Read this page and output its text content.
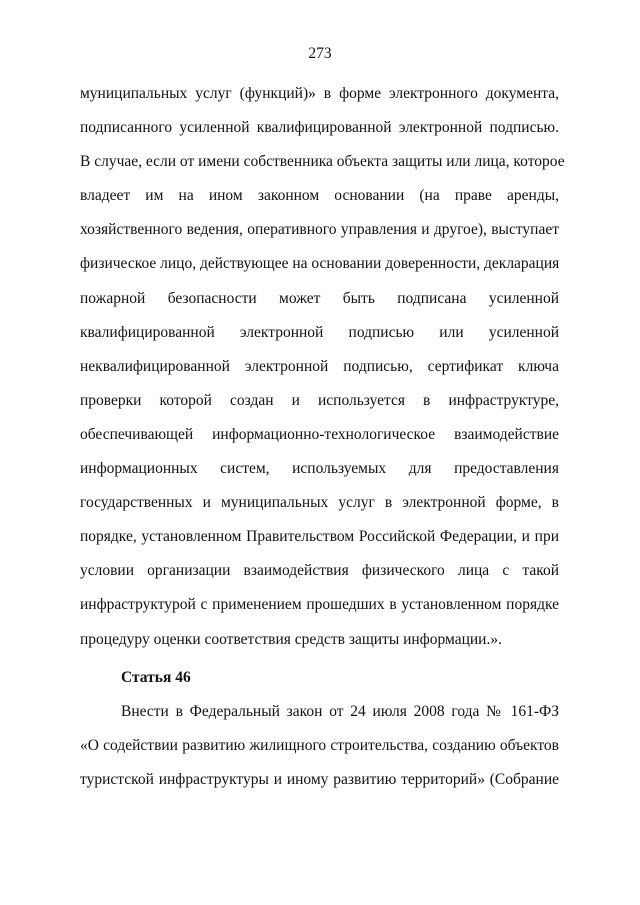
273
муниципальных услуг (функций)» в форме электронного документа,
подписанного усиленной квалифицированной электронной подписью.
В случае, если от имени собственника объекта защиты или лица, которое
владеет им на ином законном основании (на праве аренды,
хозяйственного ведения, оперативного управления и другое), выступает
физическое лицо, действующее на основании доверенности, декларация
пожарной безопасности может быть подписана усиленной
квалифицированной электронной подписью или усиленной
неквалифицированной электронной подписью, сертификат ключа
проверки которой создан и используется в инфраструктуре,
обеспечивающей информационно-технологическое взаимодействие
информационных систем, используемых для предоставления
государственных и муниципальных услуг в электронной форме, в
порядке, установленном Правительством Российской Федерации, и при
условии организации взаимодействия физического лица с такой
инфраструктурой с применением прошедших в установленном порядке
процедуру оценки соответствия средств защиты информации.».
Статья 46
Внести в Федеральный закон от 24 июля 2008 года № 161-ФЗ
«О содействии развитию жилищного строительства, созданию объектов
туристской инфраструктуры и иному развитию территорий» (Собрание
